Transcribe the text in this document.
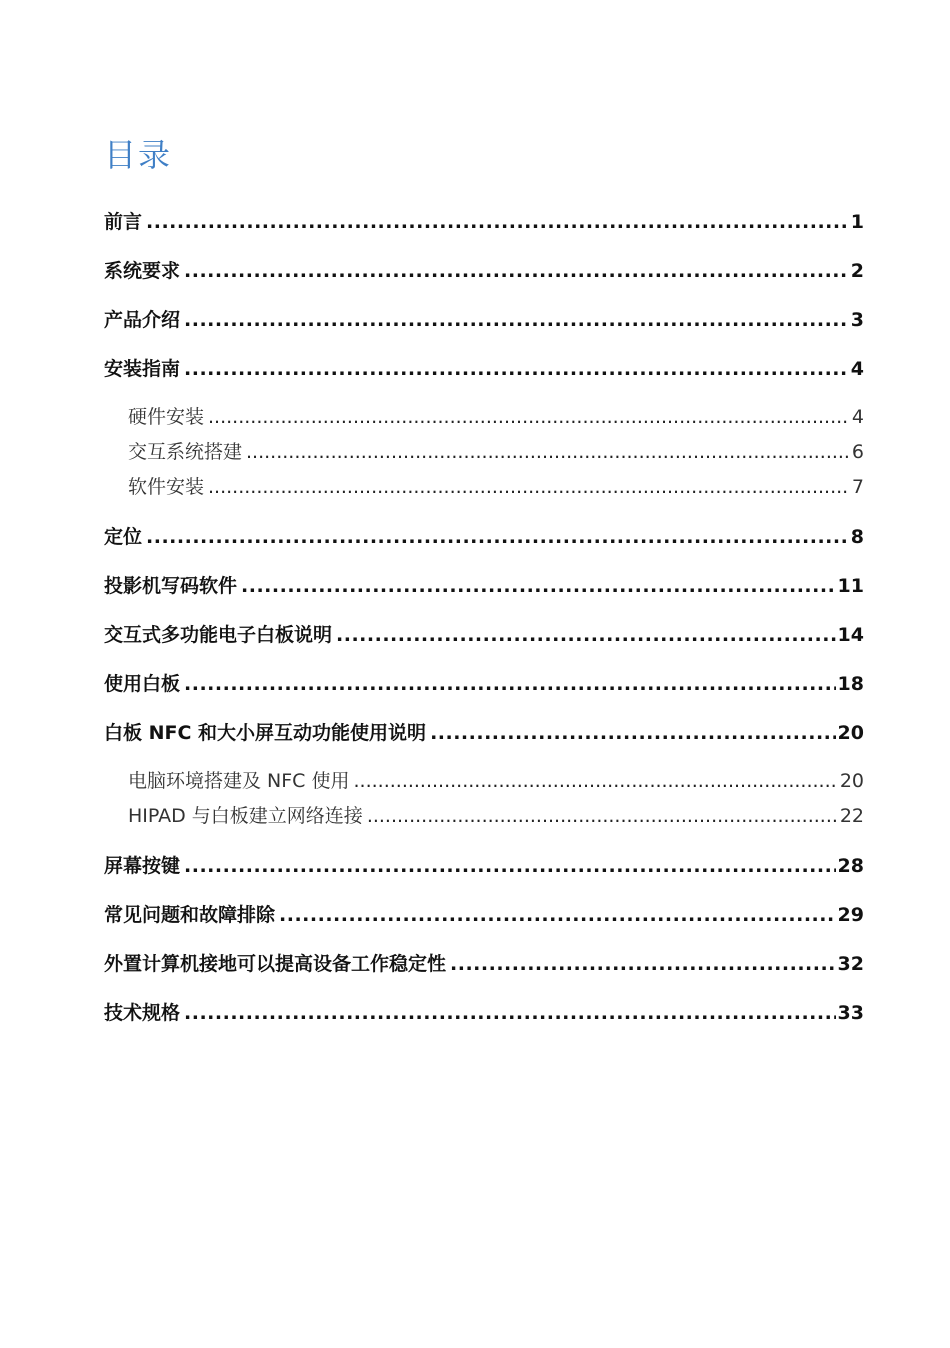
目录
前言 .....	1
系统要求 .....	2
产品介绍 .....	3
安装指南 .....	4
硬件安装 .....	4
交互系统搭建 .....	6
软件安装 .....	7
定位 .....	8
投影机写码软件 .....	11
交互式多功能电子白板说明 .....	14
使用白板 .....	18
白板 NFC 和大小屏互动功能使用说明 .....	20
电脑环境搭建及 NFC 使用 .....	20
HIPAD 与白板建立网络连接 .....	22
屏幕按键 .....	28
常见问题和故障排除 .....	29
外置计算机接地可以提高设备工作稳定性 .....	32
技术规格 .....	33
